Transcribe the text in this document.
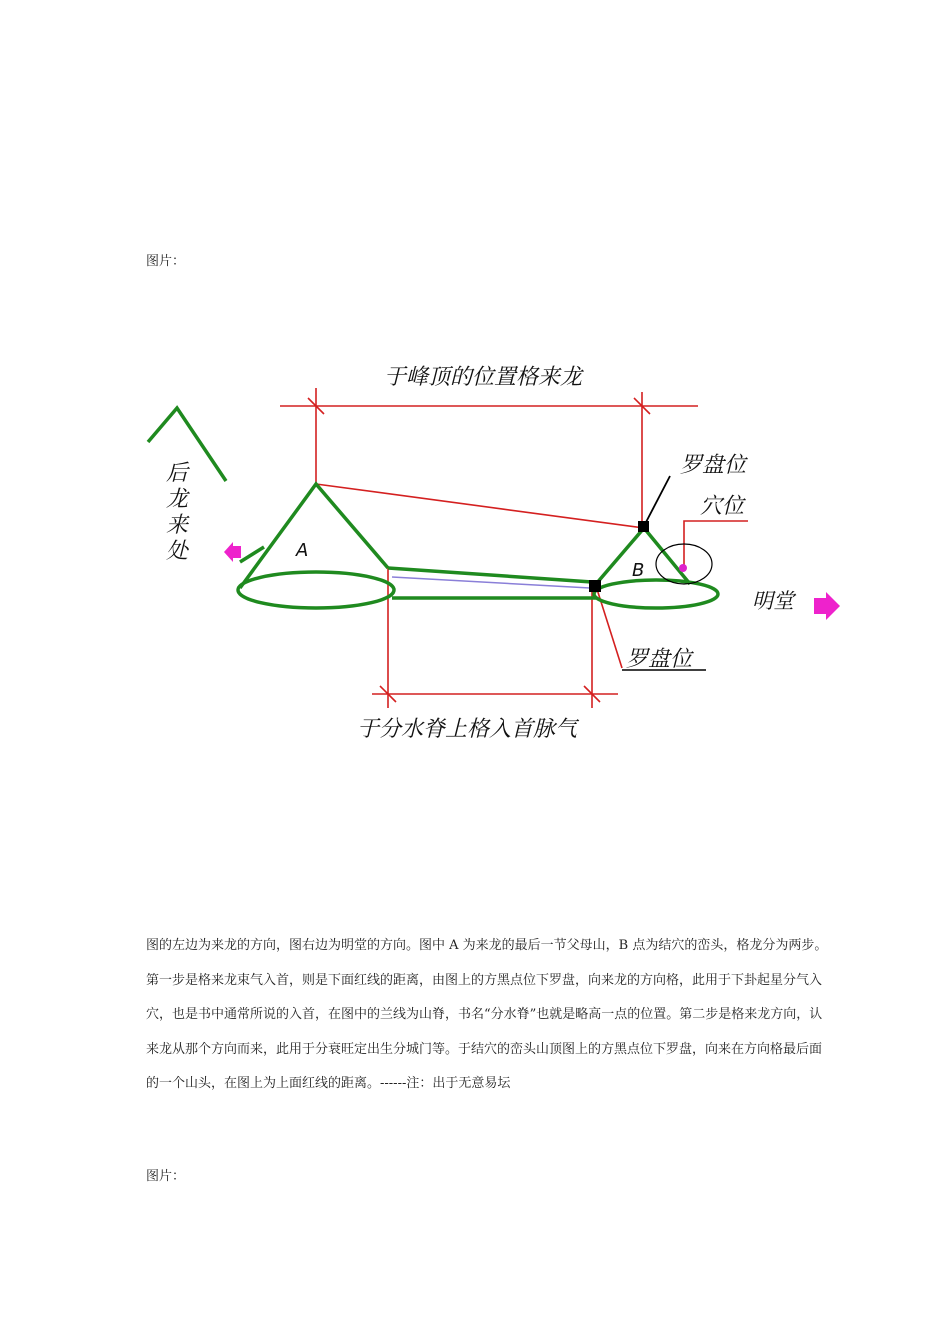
图片：
于峰顶的位置格来龙
于分水脊上格入首脉气
后
龙
来
处
罗盘位
穴位
罗盘位
明堂
A
B
图的左边为来龙的方向，图右边为明堂的方向。图中 A 为来龙的最后一节父母山，B 点为结穴的峦头，格龙分为两步。
第一步是格来龙束气入首，则是下面红线的距离，由图上的方黑点位下罗盘，向来龙的方向格，此用于下卦起星分气入
穴，也是书中通常所说的入首，在图中的兰线为山脊，书名“分水脊”也就是略高一点的位置。第二步是格来龙方向，认
来龙从那个方向而来，此用于分衰旺定出生分城门等。于结穴的峦头山顶图上的方黑点位下罗盘，向来在方向格最后面
的一个山头，在图上为上面红线的距离。------注：出于无意易坛
图片：
